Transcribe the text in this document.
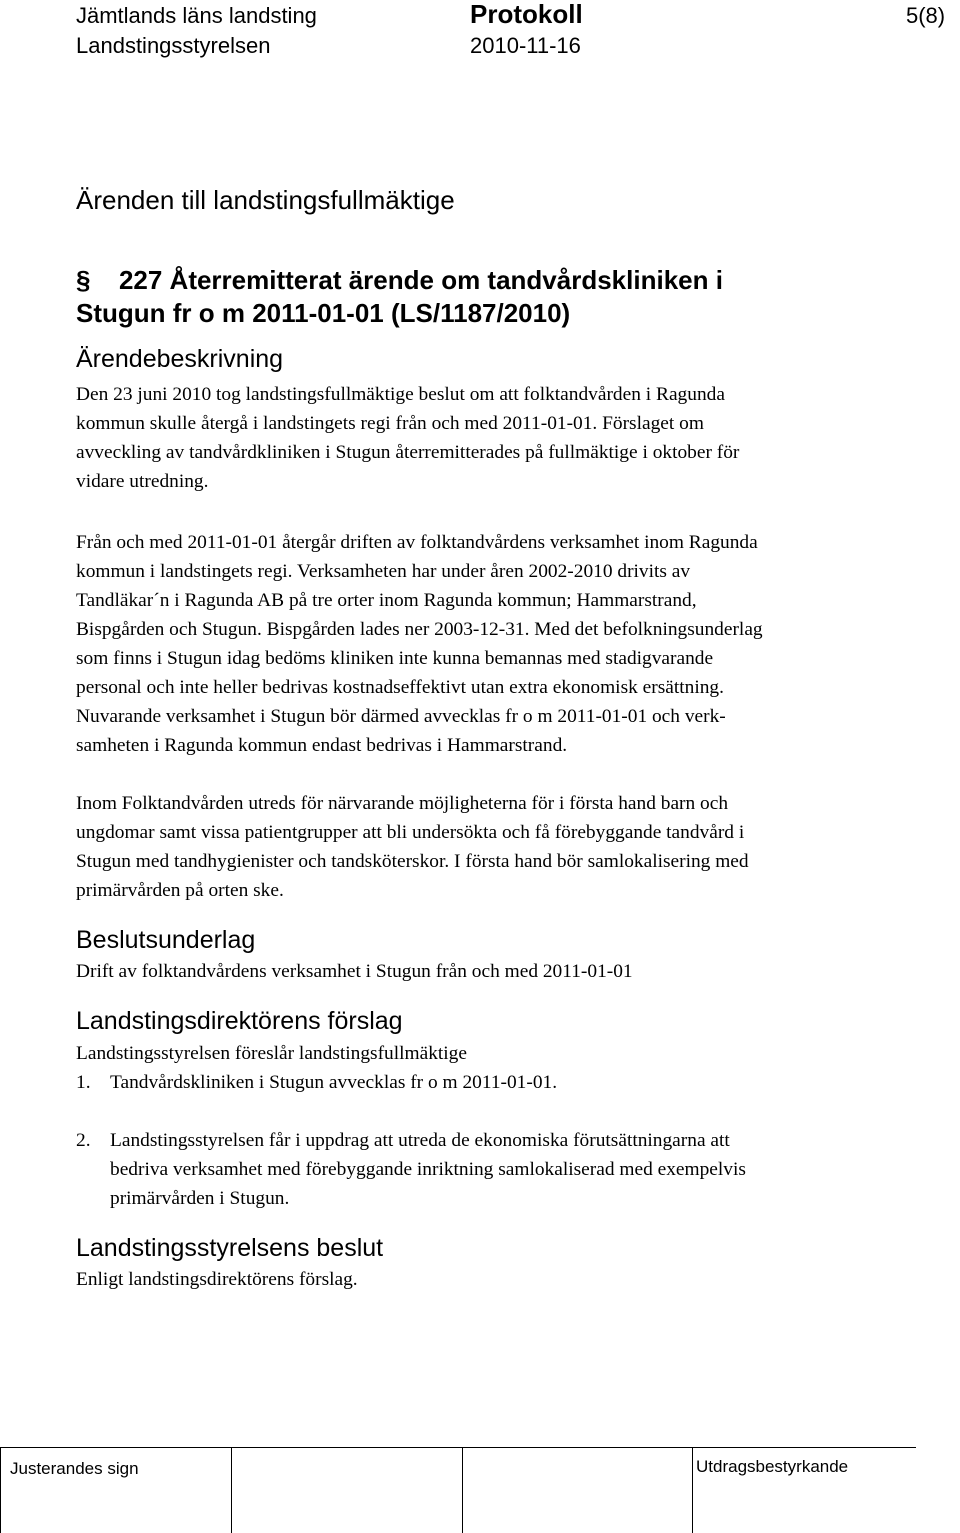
Jämtlands läns landsting
Landstingsstyrelsen
Protokoll
2010-11-16
5(8)
Ärenden till landstingsfullmäktige
§ 227 Återremitterat ärende om tandvårdskliniken i
Stugun fr o m 2011-01-01 (LS/1187/2010)
Ärendebeskrivning
Den 23 juni 2010 tog landstingsfullmäktige beslut om att folktandvården i Ragunda
kommun skulle återgå i landstingets regi från och med 2011-01-01. Förslaget om
avveckling av tandvårdkliniken i Stugun återremitterades på fullmäktige i oktober för
vidare utredning.
Från och med 2011-01-01 återgår driften av folktandvårdens verksamhet inom Ragunda
kommun i landstingets regi. Verksamheten har under åren 2002-2010 drivits av
Tandläkar´n i Ragunda AB på tre orter inom Ragunda kommun; Hammarstrand,
Bispgården och Stugun. Bispgården lades ner 2003-12-31. Med det befolkningsunderlag
som finns i Stugun idag bedöms kliniken inte kunna bemannas med stadigvarande
personal och inte heller bedrivas kostnadseffektivt utan extra ekonomisk ersättning.
Nuvarande verksamhet i Stugun bör därmed avvecklas fr o m 2011-01-01 och verk-
samheten i Ragunda kommun endast bedrivas i Hammarstrand.
Inom Folktandvården utreds för närvarande möjligheterna för i första hand barn och
ungdomar samt vissa patientgrupper att bli undersökta och få förebyggande tandvård i
Stugun med tandhygienister och tandsköterskor. I första hand bör samlokalisering med
primärvården på orten ske.
Beslutsunderlag
Drift av folktandvårdens verksamhet i Stugun från och med 2011-01-01
Landstingsdirektörens förslag
Landstingsstyrelsen föreslår landstingsfullmäktige
1. Tandvårdskliniken i Stugun avvecklas fr o m 2011-01-01.
2. Landstingsstyrelsen får i uppdrag att utreda de ekonomiska förutsättningarna att
bedriva verksamhet med förebyggande inriktning samlokaliserad med exempelvis
primärvården i Stugun.
Landstingsstyrelsens beslut
Enligt landstingsdirektörens förslag.
Justerandes sign	Utdragsbestyrkande
